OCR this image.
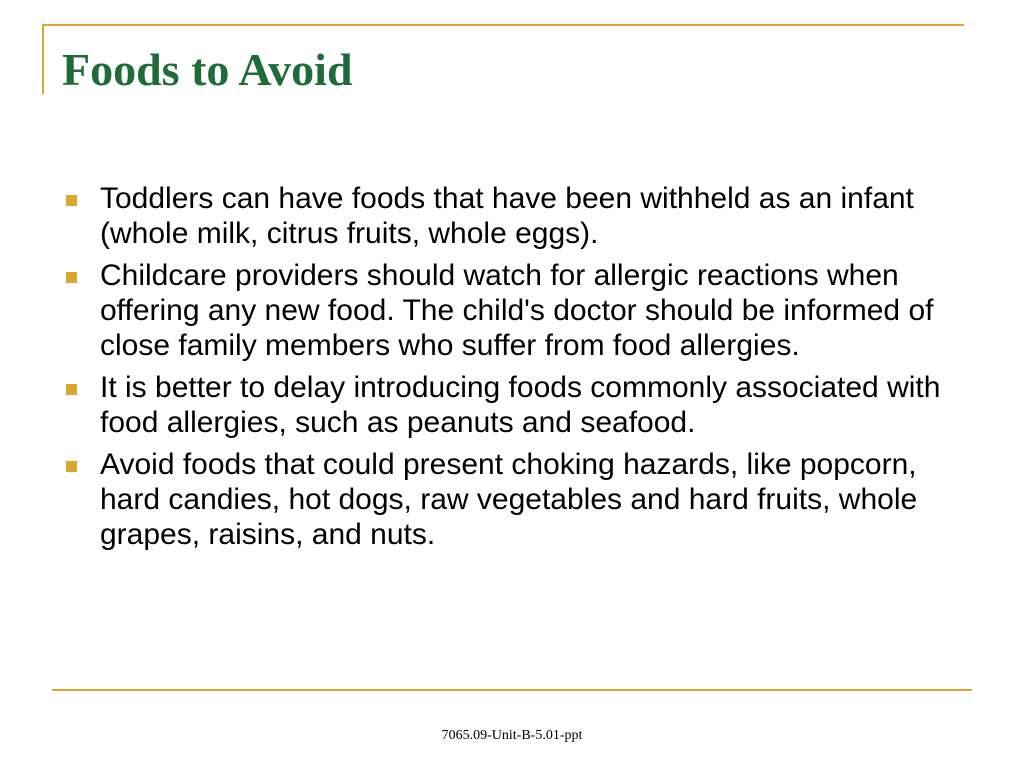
Foods to Avoid
Toddlers can have foods that have been withheld as an infant (whole milk, citrus fruits, whole eggs).
Childcare providers should watch for allergic reactions when offering any new food. The child's doctor should be informed of close family members who suffer from food allergies.
It is better to delay introducing foods commonly associated with food allergies, such as peanuts and seafood.
Avoid foods that could present choking hazards, like popcorn, hard candies, hot dogs, raw vegetables and hard fruits, whole grapes, raisins, and nuts.
7065.09-Unit-B-5.01-ppt
